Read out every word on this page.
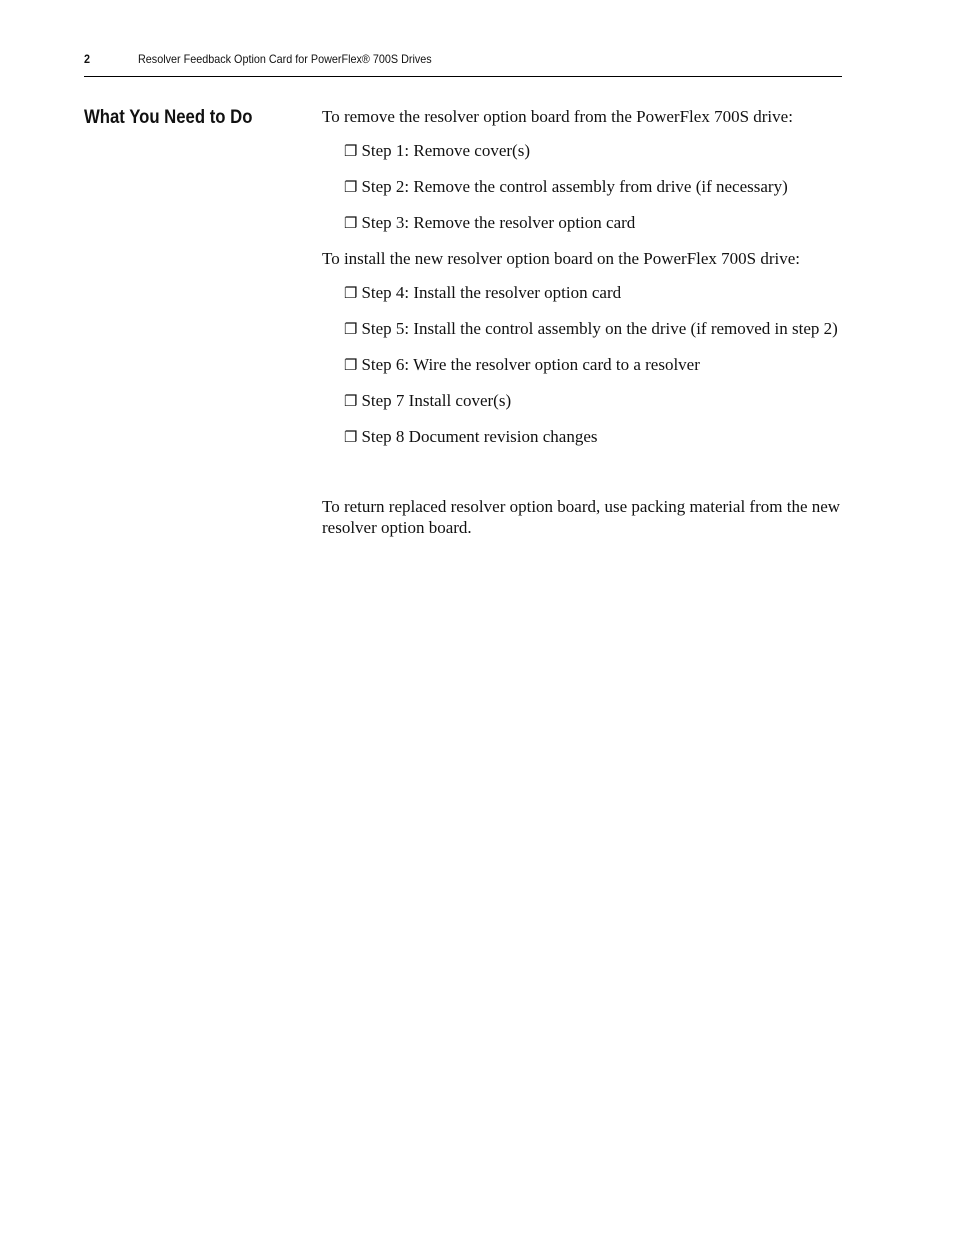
2	Resolver Feedback Option Card for PowerFlex® 700S Drives
What You Need to Do	To remove the resolver option board from the PowerFlex 700S drive:

❐ Step 1: Remove cover(s)

❐ Step 2: Remove the control assembly from drive (if necessary)

❐ Step 3: Remove the resolver option card

To install the new resolver option board on the PowerFlex 700S drive:

❐ Step 4: Install the resolver option card

❐ Step 5: Install the control assembly on the drive (if removed in step 2)

❐ Step 6: Wire the resolver option card to a resolver

❐ Step 7 Install cover(s)

❐ Step 8 Document revision changes

To return replaced resolver option board, use packing material from the new resolver option board.
